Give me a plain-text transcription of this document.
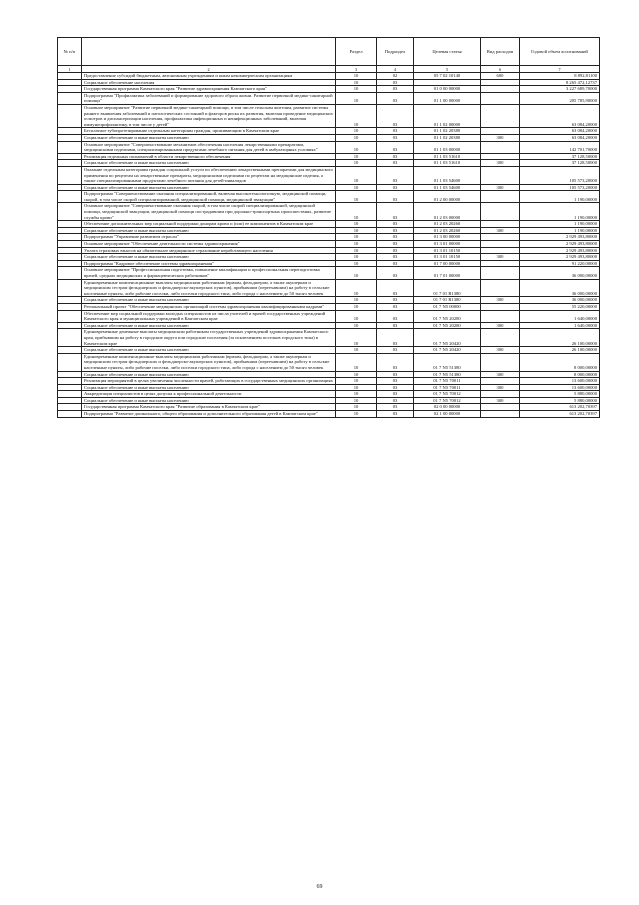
№ п/п		Раздел	Подраздел	Целевая статья	Вид расходов	Годовой объем ассигнований
1	2	3	4	5	6	7
	Предоставление субсидий бюджетным, автономным учреждениям и иным некоммерческим организациям	10	02	05 7 02 10140	600	8 892,81100
	Социальное обеспечение населения	10	03			8 265 472,12737
	Государственная программа Камчатского края "Развитие здравоохранения Камчатского края"	10	03	01 0 00 00000		3 227 689,70000
	Подпрограмма "Профилактика заболеваний и формирование здорового образа жизни. Развитие первичной медико-санитарной помощи"	10	03	01 1 00 00000		205 785,90000
	Основное мероприятие "Развитие первичной медико-санитарной помощи, в том числе сельским жителям, развитие системы раннего выявления заболеваний и патологических состояний и факторов риска их развития, включая проведение медицинских осмотров и диспансеризации населения, профилактика инфекционных и неинфекционных заболеваний, включая иммунопрофилактику, в том числе у детей"	10	03	01 1 02 00000		63 084,20000
	Бесплатное зубопротезирование отдельным категориям граждан, проживающим в Камчатском крае	10	03	01 1 02 20380		63 084,20000
	Социальное обеспечение и иные выплаты населению	10	03	01 1 02 20380	300	63 084,20000
	Основное мероприятие "Совершенствование механизмов обеспечения населения лекарственными препаратами, медицинскими изделиями, специализированными продуктами лечебного питания для детей в амбулаторных условиях"	10	03	01 1 03 00000		142 701,70000
	Реализация отдельных полномочий в области лекарственного обеспечения	10	03	01 1 03 51610		37 128,50000
	Социальное обеспечение и иные выплаты населению	10	03	01 1 03 51610	300	37 128,50000
	Оказание отдельным категориям граждан социальной услуги по обеспечению лекарственными препаратами для медицинского применения по рецептам на лекарственные препараты, медицинскими изделиями по рецептам на медицинские изделия, а также специализированными продуктами лечебного питания для детей-инвалидов	10	03	01 1 03 54600		105 573,20000
	Социальное обеспечение и иные выплаты населению	10	03	01 1 03 54600	300	105 573,20000
	Подпрограмма "Совершенствование оказания специализированной, включая высокотехнологичную, медицинской помощи, скорой, в том числе скорой специализированной, медицинской помощи, медицинской эвакуации"	10	03	01 2 00 00000		1 190,00000
	Основное мероприятие "Совершенствование оказания скорой, в том числе скорой специализированной, медицинской помощи, медицинской эвакуации, медицинской помощи пострадавшим при дорожно-транспортных происшествиях, развитие службы крови"	10	03	01 2 03 00000		1 190,00000
	Обеспечение дополнительных мер социальной поддержки донорам крови и (или) ее компонентов в Камчатском крае	10	03	01 2 03 20260		1 190,00000
	Социальное обеспечение и иные выплаты населению	10	03	01 2 03 20260	300	1 190,00000
	Подпрограмма "Управление развитием отрасли"	10	03	01 3 00 00000		2 929 493,80000
	Основное мероприятие "Обеспечение деятельности системы здравоохранения"	10	03	01 3 01 00000		2 929 493,80000
	Уплата страховых взносов на обязательное медицинское страхование неработающего населения	10	03	01 3 01 10150		2 929 493,80000
	Социальное обеспечение и иные выплаты населению	10	03	01 3 01 10150	300	2 929 493,80000
	Подпрограмма "Кадровое обеспечение системы здравоохранения"	10	03	01 7 00 00000		91 220,00000
	Основное мероприятие "Профессиональная подготовка, повышение квалификации и профессиональная переподготовка врачей, средних медицинских и фармацевтических работников"	10	03	01 7 01 00000		36 000,00000
	Единовременные компенсационные выплаты медицинским работникам (врачам, фельдшерам, а также акушеркам и медицинским сестрам фельдшерских и фельдшерско-акушерских пунктов), прибывшим (переехавшим) на работу в сельские населенные пункты, либо рабочие поселки, либо поселки городского типа, либо города с населением до 50 тысяч человек	10	03	01 7 01 R1380		36 000,00000
	Социальное обеспечение и иные выплаты населению	10	03	01 7 01 R1380	300	36 000,00000
	Региональный проект "Обеспечение медицинских организаций системы здравоохранения квалифицированными кадрами"	10	03	01 7 N5 00000		55 220,00000
	Обеспечение мер социальной поддержки молодых специалистов из числа учителей и врачей государственных учреждений Камчатского края и муниципальных учреждений в Камчатском крае	10	03	01 7 N5 20280		1 640,00000
	Социальное обеспечение и иные выплаты населению	10	03	01 7 N5 20280	300	1 640,00000
	Единовременные денежные выплаты медицинским работникам государственных учреждений здравоохранения Камчатского края, прибывшим на работу в городские округа или городские поселения (за исключением поселков городского типа) в Камчатском крае	10	03	01 7 N5 20420		26 100,00000
	Социальное обеспечение и иные выплаты населению	10	03	01 7 N5 20420	300	26 100,00000
	Единовременные компенсационные выплаты медицинским работникам (врачам, фельдшерам, а также акушеркам и медицинским сестрам фельдшерских и фельдшерско-акушерских пунктов), прибывшим (переехавшим) на работу в сельские населенные пункты, либо рабочие поселки, либо поселки городского типа, либо города с населением до 50 тысяч человек	10	03	01 7 N5 51380		8 000,00000
	Социальное обеспечение и иные выплаты населению	10	03	01 7 N5 51380	300	8 000,00000
	Реализация мероприятий в целях увеличения численности врачей, работающих в государственных медицинских организациях	10	03	01 7 N5 70011		13 600,00000
	Социальное обеспечение и иные выплаты населению	10	03	01 7 N5 70011	300	13 600,00000
	Аккредитация специалистов в целях допуска к профессиональной деятельности	10	03	01 7 N5 70012		5 880,00000
	Социальное обеспечение и иные выплаты населению	10	03	01 7 N5 70012	300	5 880,00000
	Государственная программа Камчатского края "Развитие образования в Камчатском крае"	10	03	02 0 00 00000		613 202,70397
	Подпрограмма "Развитие дошкольного, общего образования и дополнительного образования детей в Камчатском крае"	10	03	02 1 00 00000		613 202,70397
69
